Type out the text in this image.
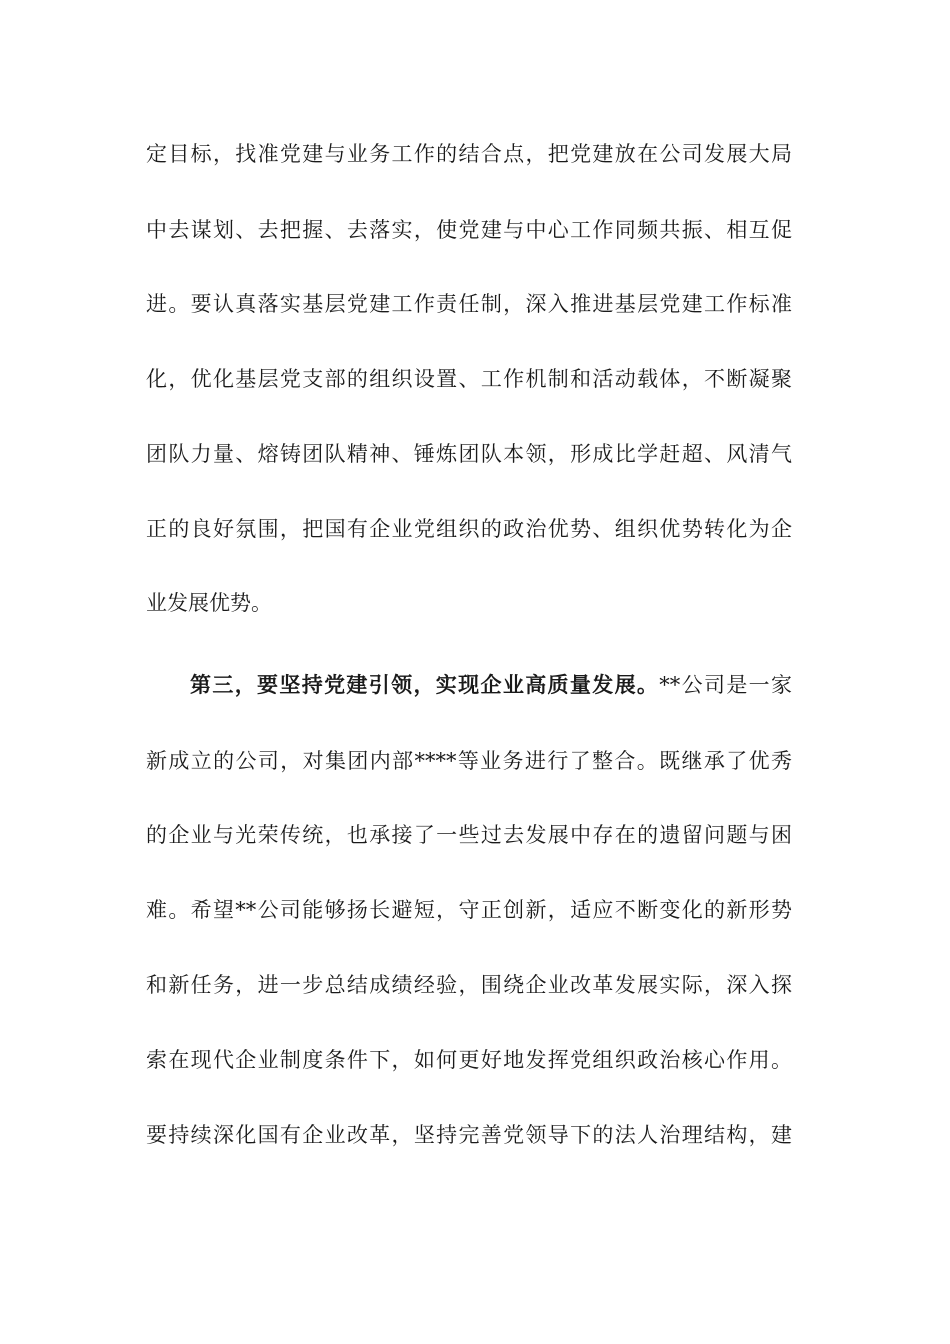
定目标，找准党建与业务工作的结合点，把党建放在公司发展大局
中去谋划、去把握、去落实，使党建与中心工作同频共振、相互促
进。要认真落实基层党建工作责任制，深入推进基层党建工作标准
化，优化基层党支部的组织设置、工作机制和活动载体，不断凝聚
团队力量、熔铸团队精神、锤炼团队本领，形成比学赶超、风清气
正的良好氛围，把国有企业党组织的政治优势、组织优势转化为企
业发展优势。
第三，要坚持党建引领，实现企业高质量发展。**公司是一家
新成立的公司，对集团内部****等业务进行了整合。既继承了优秀
的企业与光荣传统，也承接了一些过去发展中存在的遗留问题与困
难。希望**公司能够扬长避短，守正创新，适应不断变化的新形势
和新任务，进一步总结成绩经验，围绕企业改革发展实际，深入探
索在现代企业制度条件下，如何更好地发挥党组织政治核心作用。
要持续深化国有企业改革，坚持完善党领导下的法人治理结构，建
